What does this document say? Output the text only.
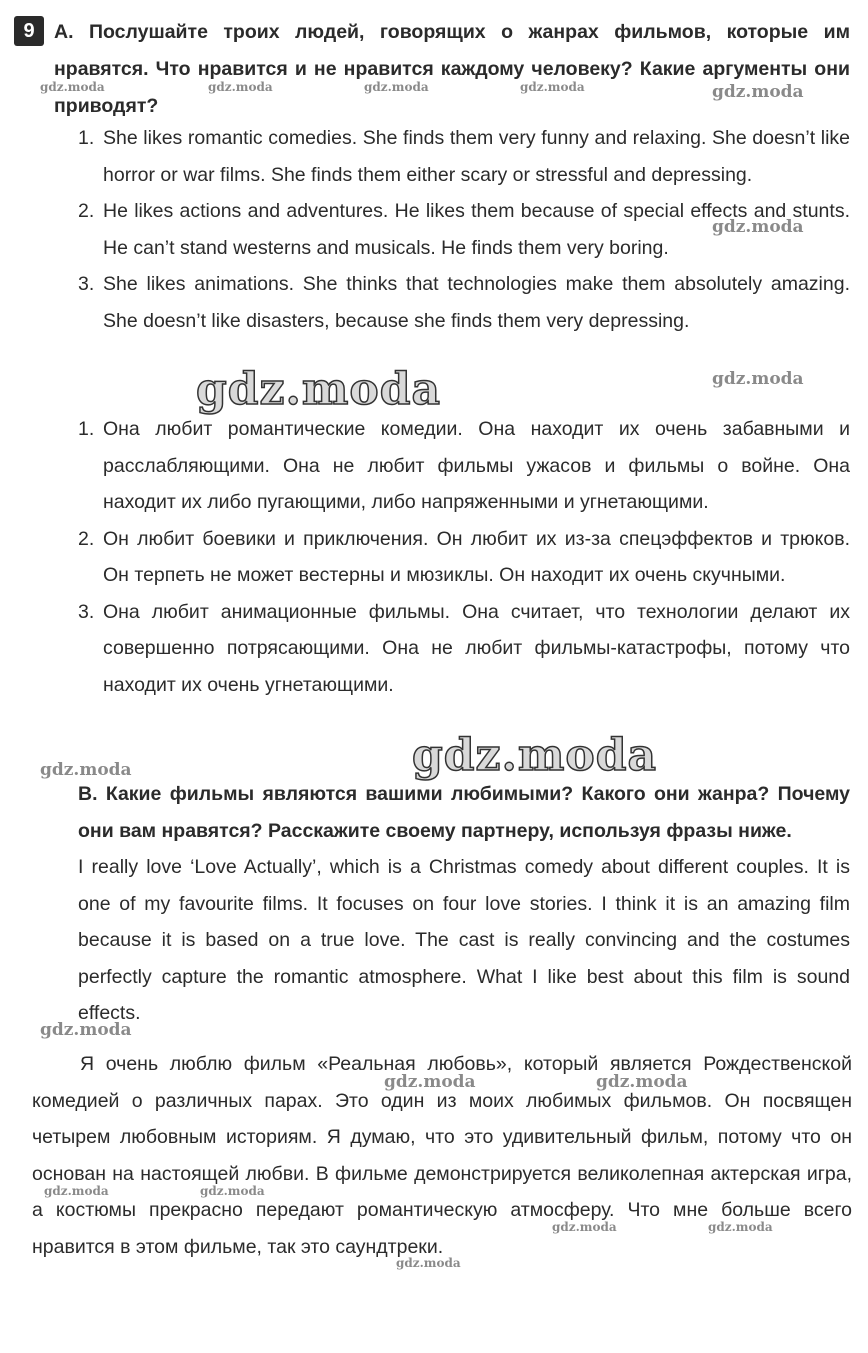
9 А. Послушайте троих людей, говорящих о жанрах фильмов, которые им нравятся. Что нравится и не нравится каждому человеку? Какие аргументы они приводят?

1. She likes romantic comedies. She finds them very funny and relaxing. She doesn’t like horror or war films. She finds them either scary or stressful and depressing.
2. He likes actions and adventures. He likes them because of special effects and stunts. He can’t stand westerns and musicals. He finds them very boring.
3. She likes animations. She thinks that technologies make them absolutely amazing. She doesn’t like disasters, because she finds them very depressing.
1. Она любит романтические комедии. Она находит их очень забавными и расслабляющими. Она не любит фильмы ужасов и фильмы о войне. Она находит их либо пугающими, либо напряженными и угнетающими.
2. Он любит боевики и приключения. Он любит их из-за спецэффектов и трюков. Он терпеть не может вестерны и мюзиклы. Он находит их очень скучными.
3. Она любит анимационные фильмы. Она считает, что технологии делают их совершенно потрясающими. Она не любит фильмы-катастрофы, потому что находит их очень угнетающими.

B. Какие фильмы являются вашими любимыми? Какого они жанра? Почему они вам нравятся? Расскажите своему партнеру, используя фразы ниже.

I really love ‘Love Actually’, which is a Christmas comedy about different couples. It is one of my favourite films. It focuses on four love stories. I think it is an amazing film because it is based on a true love. The cast is really convincing and the costumes perfectly capture the romantic atmosphere. What I like best about this film is sound effects.

Я очень люблю фильм «Реальная любовь», который является Рождественской комедией о различных парах. Это один из моих любимых фильмов. Он посвящен четырем любовным историям. Я думаю, что это удивительный фильм, потому что он основан на настоящей любви. В фильме демонстрируется великолепная актерская игра, а костюмы прекрасно передают романтическую атмосферу. Что мне больше всего нравится в этом фильме, так это саундтреки.

gdz.moda	gdz.moda	gdz.moda	gdz.moda	gdz.moda
gdz.moda
gdz.moda
gdz.moda
gdz.moda
gdz.moda
gdz.moda
gdz.moda	gdz.moda
gdz.moda	gdz.moda
gdz.moda	gdz.moda
gdz.moda
